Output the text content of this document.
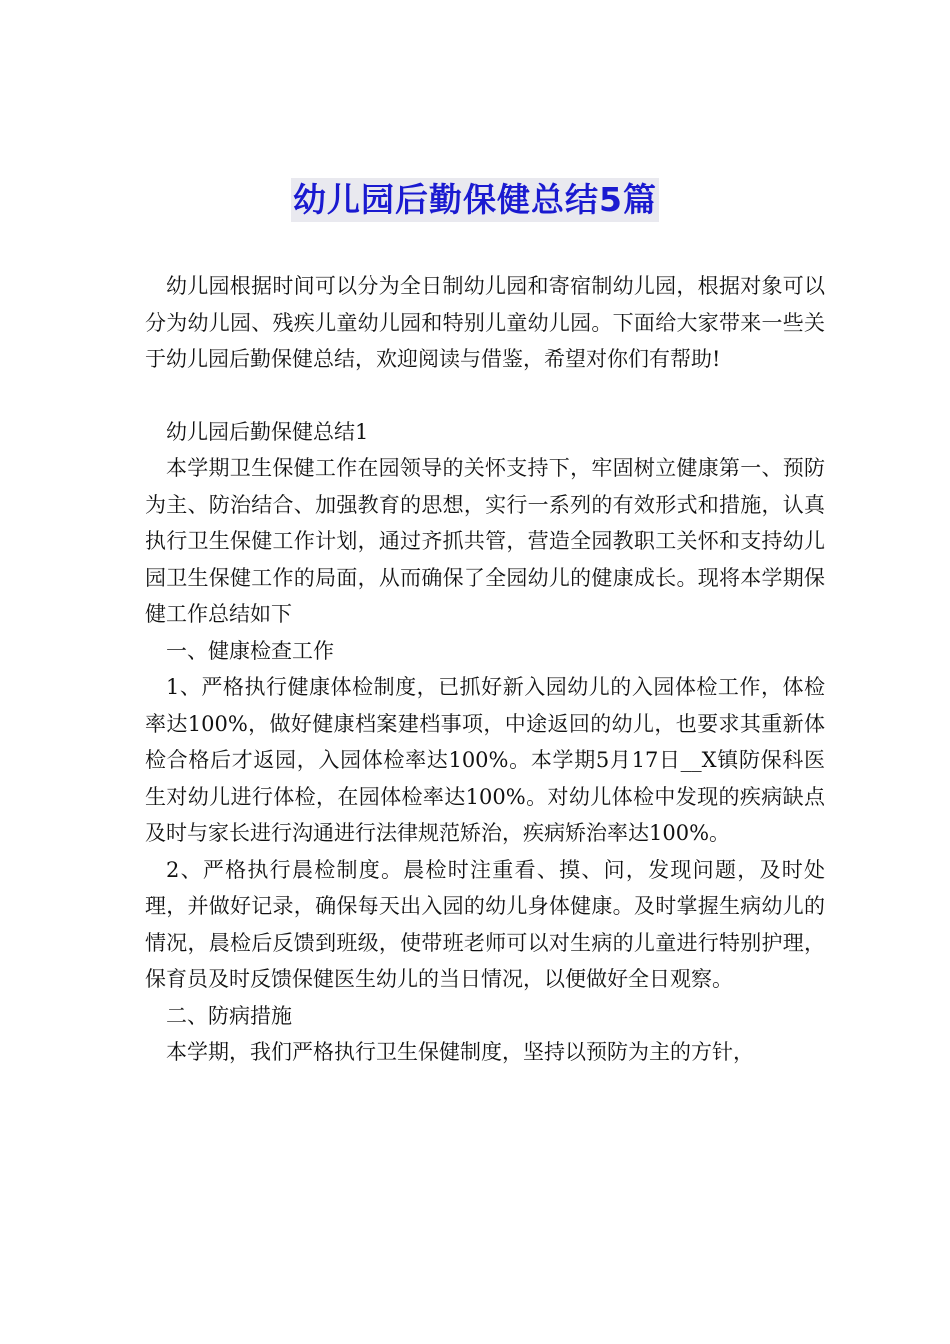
幼儿园后勤保健总结5篇

幼儿园根据时间可以分为全日制幼儿园和寄宿制幼儿园，根据对象可以分为幼儿园、残疾儿童幼儿园和特别儿童幼儿园。下面给大家带来一些关于幼儿园后勤保健总结，欢迎阅读与借鉴，希望对你们有帮助!

幼儿园后勤保健总结1

本学期卫生保健工作在园领导的关怀支持下，牢固树立健康第一、预防为主、防治结合、加强教育的思想，实行一系列的有效形式和措施，认真执行卫生保健工作计划，通过齐抓共管，营造全园教职工关怀和支持幼儿园卫生保健工作的局面，从而确保了全园幼儿的健康成长。现将本学期保健工作总结如下

一、健康检查工作

1、严格执行健康体检制度，已抓好新入园幼儿的入园体检工作，体检率达100%，做好健康档案建档事项，中途返回的幼儿，也要求其重新体检合格后才返园，入园体检率达100%。本学期5月17日__X镇防保科医生对幼儿进行体检，在园体检率达100%。对幼儿体检中发现的疾病缺点及时与家长进行沟通进行法律规范矫治，疾病矫治率达100%。

2、严格执行晨检制度。晨检时注重看、摸、问，发现问题，及时处理，并做好记录，确保每天出入园的幼儿身体健康。及时掌握生病幼儿的情况，晨检后反馈到班级，使带班老师可以对生病的儿童进行特别护理，保育员及时反馈保健医生幼儿的当日情况，以便做好全日观察。

二、防病措施

本学期，我们严格执行卫生保健制度，坚持以预防为主的方针，
